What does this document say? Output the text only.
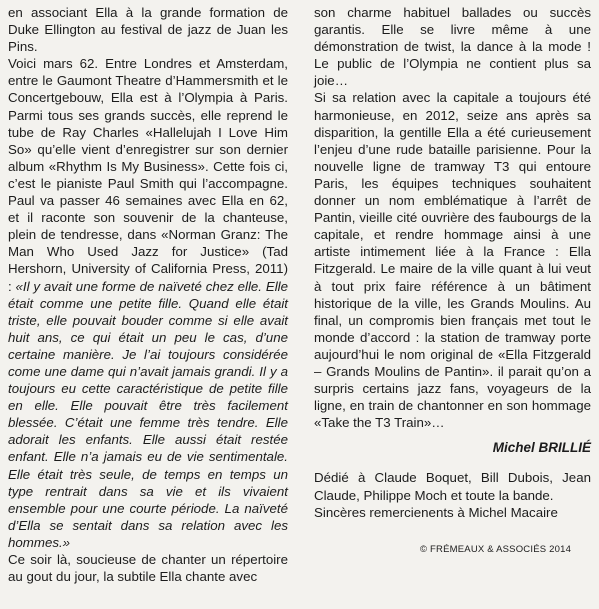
en associant Ella à la grande formation de Duke Ellington au festival de jazz de Juan les Pins.

Voici mars 62. Entre Londres et Amsterdam, entre le Gaumont Theatre d’Hammersmith et le Concertgebouw, Ella est à l’Olympia à Paris. Parmi tous ses grands succès, elle reprend le tube de Ray Charles «Hallelujah I Love Him So» qu’elle vient d’enregistrer sur son dernier album «Rhythm Is My Business». Cette fois ci, c’est le pianiste Paul Smith qui l’accompagne. Paul va passer 46 semaines avec Ella en 62, et il raconte son souvenir de la chanteuse, plein de tendresse, dans «Norman Granz: The Man Who Used Jazz for Justice» (Tad Hershorn, University of California Press, 2011) : «Il y avait une forme de naïveté chez elle. Elle était comme une petite fille. Quand elle était triste, elle pouvait bouder comme si elle avait huit ans, ce qui était un peu le cas, d’une certaine manière. Je l’ai toujours considérée come une dame qui n’avait jamais grandi. Il y a toujours eu cette caractéristique de petite fille en elle. Elle pouvait être très facilement blessée. C’était une femme très tendre. Elle adorait les enfants. Elle aussi était restée enfant. Elle n’a jamais eu de vie sentimentale. Elle était très seule, de temps en temps un type rentrait dans sa vie et ils vivaient ensemble pour une courte période. La naïveté d’Ella se sentait dans sa relation avec les hommes.»

Ce soir là, soucieuse de chanter un répertoire au gout du jour, la subtile Ella chante avec

son charme habituel ballades ou succès garantis. Elle se livre même à une démonstration de twist, la dance à la mode ! Le public de l’Olympia ne contient plus sa joie…

Si sa relation avec la capitale a toujours été harmonieuse, en 2012, seize ans après sa disparition, la gentille Ella a été curieusement l’enjeu d’une rude bataille parisienne. Pour la nouvelle ligne de tramway T3 qui entoure Paris, les équipes techniques souhaitent donner un nom emblématique à l’arrêt de Pantin, vieille cité ouvrière des faubourgs de la capitale, et rendre hommage ainsi à une artiste intimement liée à la France : Ella Fitzgerald. Le maire de la ville quant à lui veut à tout prix faire référence à un bâtiment historique de la ville, les Grands Moulins. Au final, un compromis bien français met tout le monde d’accord : la station de tramway porte aujourd’hui le nom original de «Ella Fitzgerald – Grands Moulins de Pantin». il parait qu’on a surpris certains jazz fans, voyageurs de la ligne, en train de chantonner en son hommage «Take the T3 Train»…

Michel BRILLIÉ

Dédié à Claude Boquet, Bill Dubois, Jean Claude, Philippe Moch et toute la bande.

Sincères remercienents à Michel Macaire

© FRÉMEAUX & ASSOCIÉS 2014
